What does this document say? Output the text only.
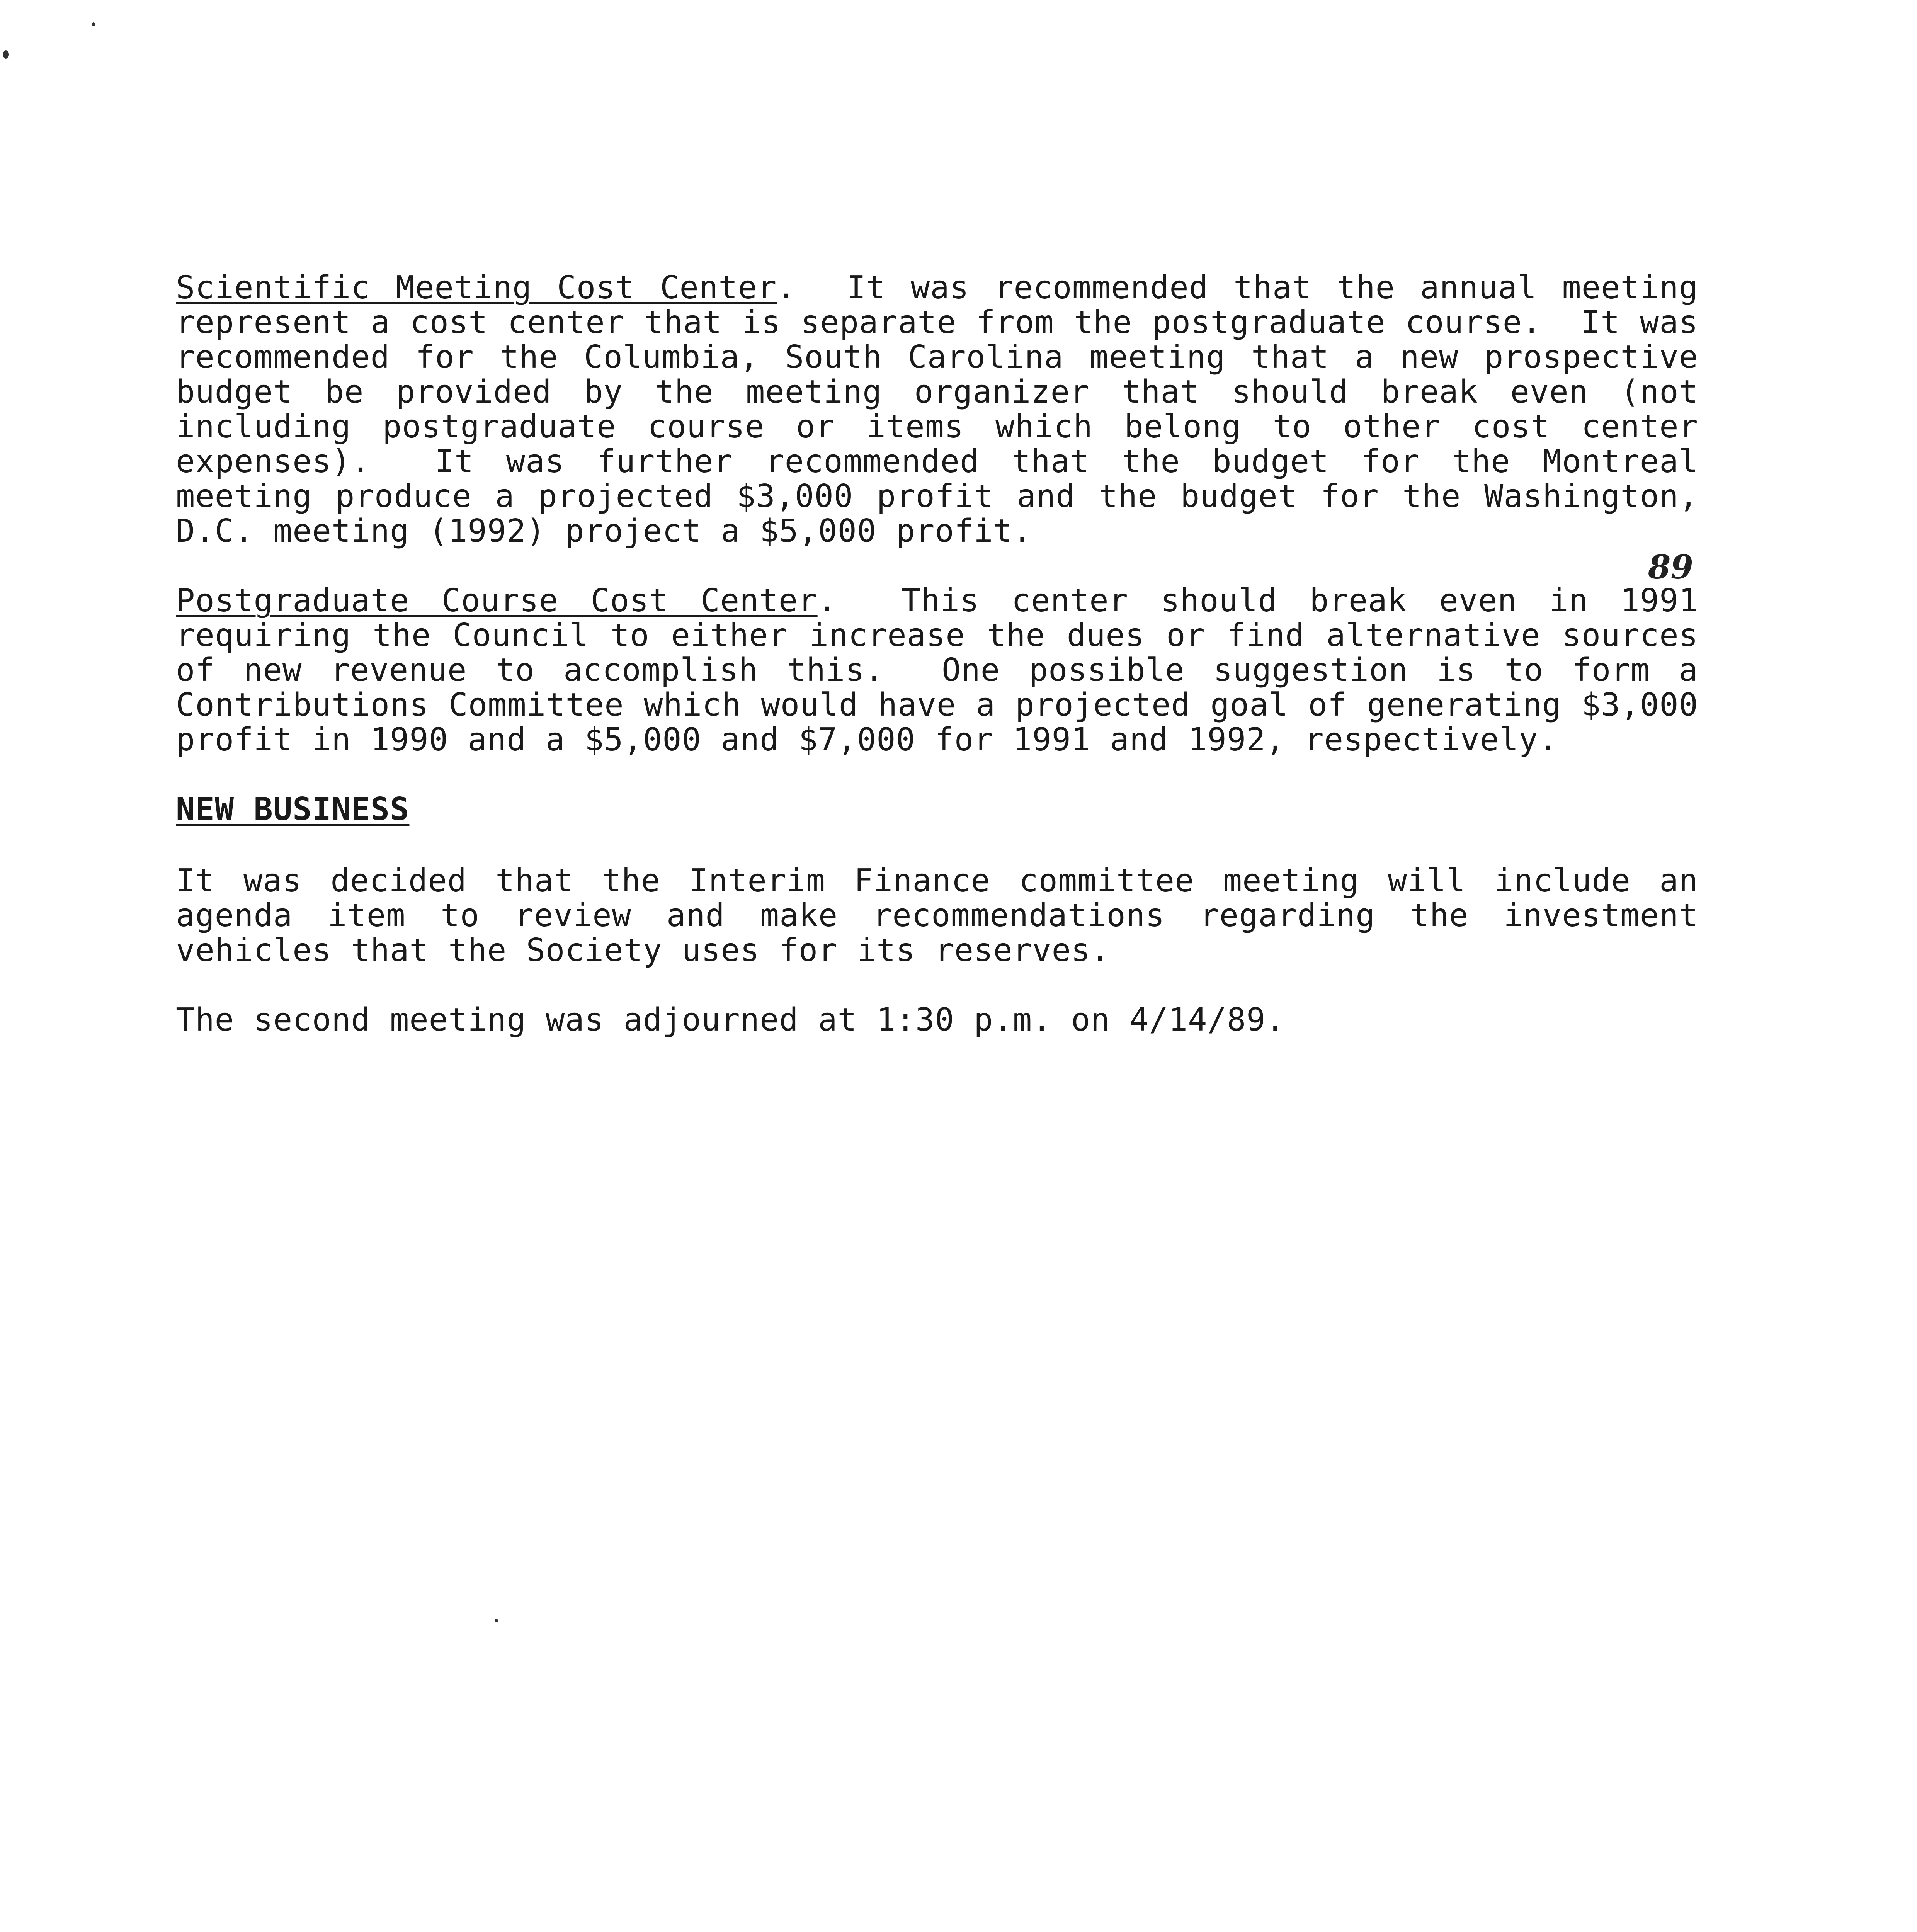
Scientific Meeting Cost Center.  It was recommended that the annual meeting represent a cost center that is separate from the postgraduate course.  It was recommended for the Columbia, South Carolina meeting that a new prospective budget be provided by the meeting organizer that should break even (not including postgraduate course or items which belong to other cost center expenses).  It was further recommended that the budget for the Montreal meeting produce a projected $3,000 profit and the budget for the Washington, D.C. meeting (1992) project a $5,000 profit.

Postgraduate Course Cost Center.  This center should break even in 1991 requiring the Council to either increase the dues or find alternative sources of new revenue to accomplish this.  One possible suggestion is to form a Contributions Committee which would have a projected goal of generating $3,000 profit in 1990 and a $5,000 and $7,000 for 1991 and 1992, respectively.

NEW BUSINESS

It was decided that the Interim Finance committee meeting will include an agenda item to review and make recommendations regarding the investment vehicles that the Society uses for its reserves.

The second meeting was adjourned at 1:30 p.m. on 4/14/89.

89
